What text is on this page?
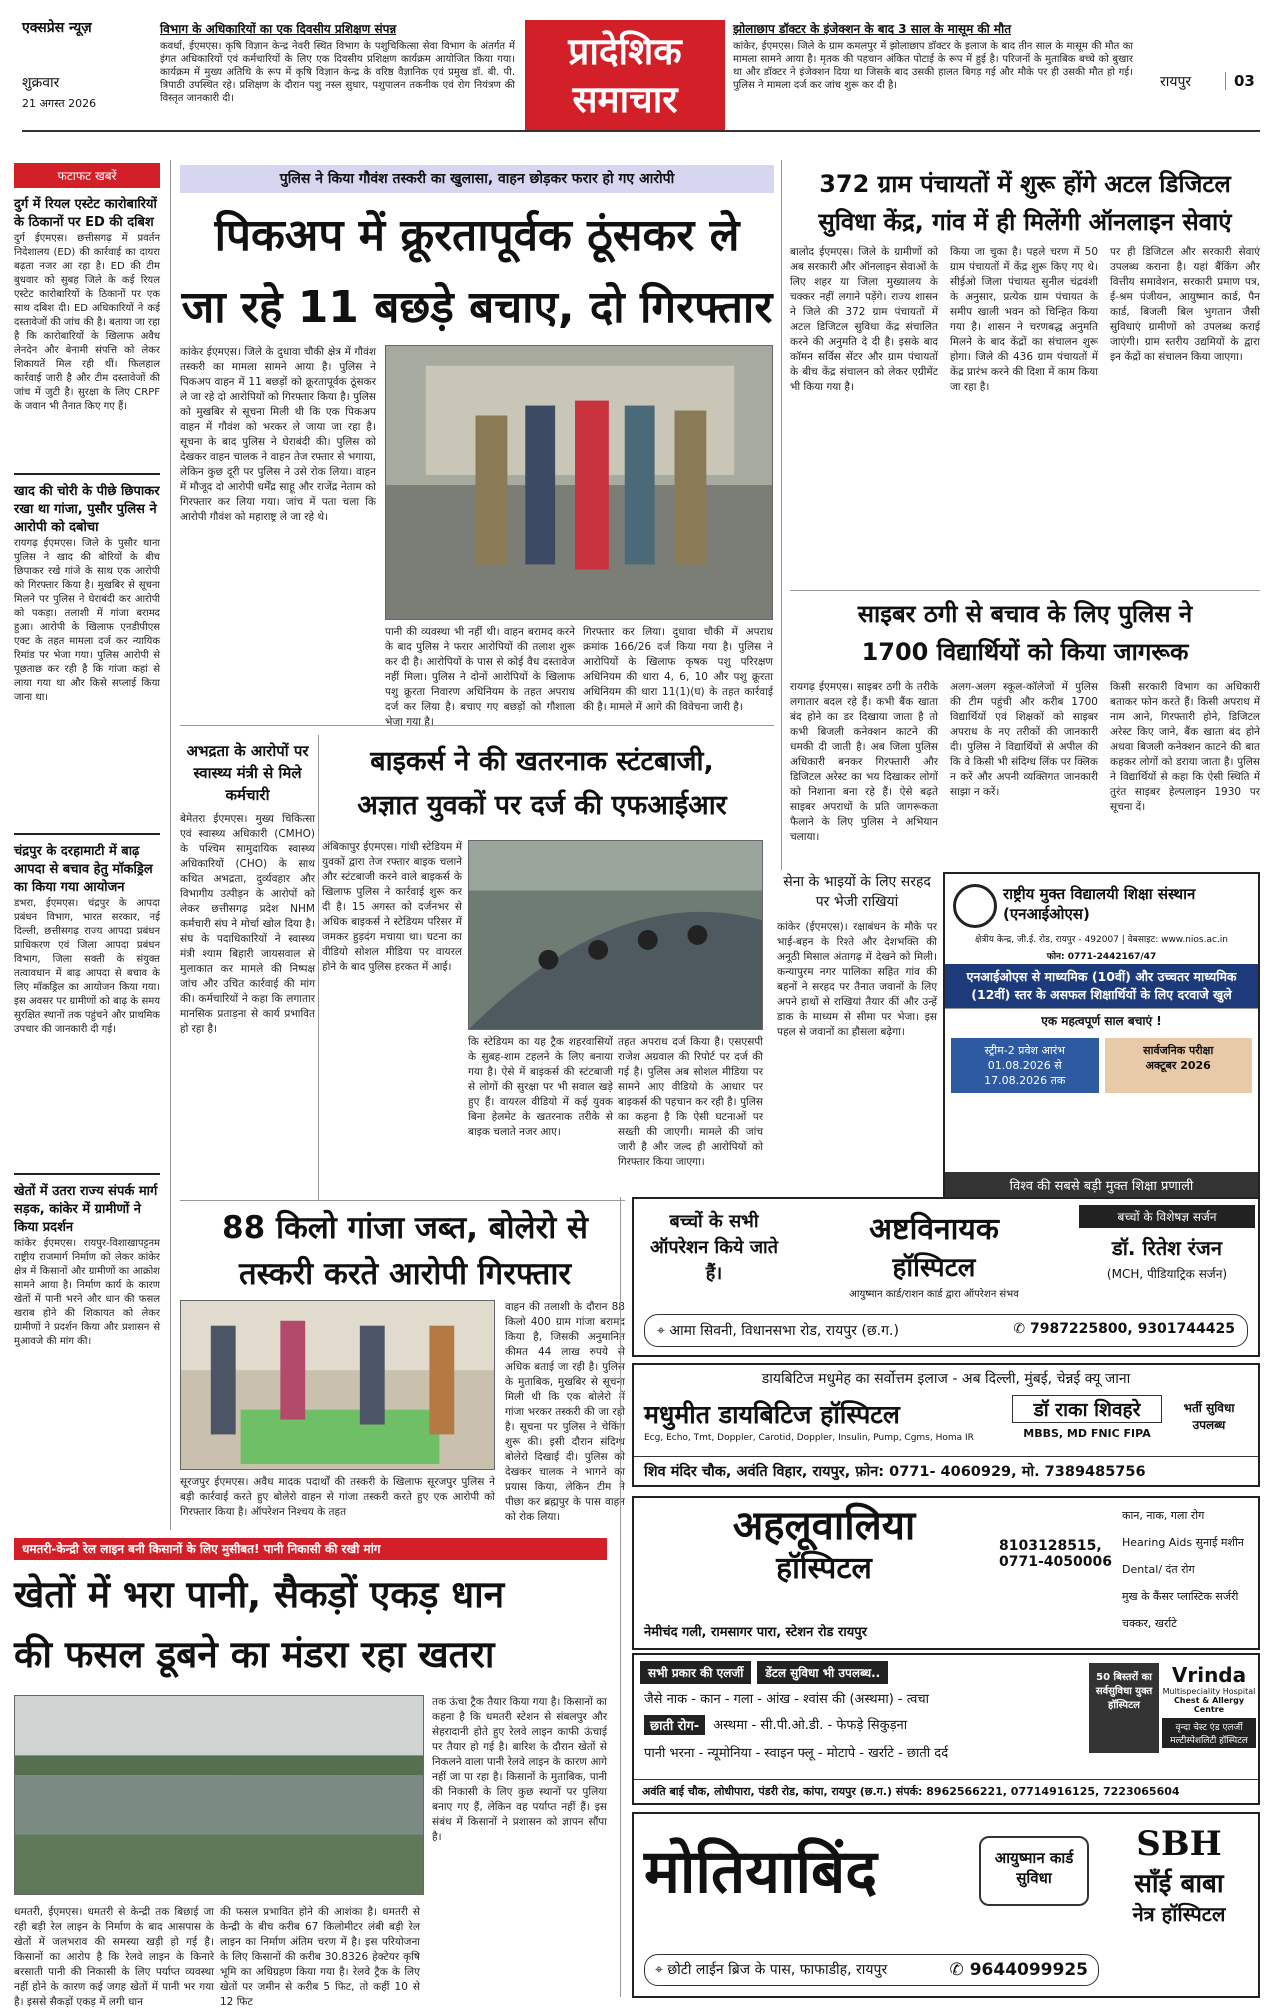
एक्सप्रेस न्यूज़
शुक्रवार
21 अगस्त 2026
विभाग के अधिकारियों का एक दिवसीय प्रशिक्षण संपन्न
कवर्धा, ईएमएस। कृषि विज्ञान केन्द्र नेवरी स्थित विभाग के पशुचिकित्सा सेवा विभाग के अंतर्गत में इंगत अधिकारियों एवं कर्मचारियों के लिए एक दिवसीय प्रशिक्षण कार्यक्रम आयोजित किया गया। कार्यक्रम में मुख्य अतिथि के रूप में कृषि विज्ञान केन्द्र के वरिष्ठ वैज्ञानिक एवं प्रमुख डॉ. बी. पी. त्रिपाठी उपस्थित रहे। प्रशिक्षण के दौरान पशु नस्ल सुधार, पशुपालन तकनीक एवं रोग नियंत्रण की विस्तृत जानकारी दी।
प्रादेशिक
समाचार
झोलाछाप डॉक्टर के इंजेक्शन के बाद 3 साल के मासूम की मौत
कांकेर, ईएमएस। जिले के ग्राम कमलपुर में झोलाछाप डॉक्टर के इलाज के बाद तीन साल के मासूम की मौत का मामला सामने आया है। मृतक की पहचान अंकित पोटाई के रूप में हुई है। परिजनों के मुताबिक बच्चे को बुखार था और डॉक्टर ने इंजेक्शन दिया था जिसके बाद उसकी हालत बिगड़ गई और मौके पर ही उसकी मौत हो गई। पुलिस ने मामला दर्ज कर जांच शुरू कर दी है।	रायपुर	03
फटाफट खबरें
दुर्ग में रियल एस्टेट कारोबारियों के ठिकानों पर ED की दबिश
दुर्ग ईएमएस। छत्तीसगढ़ में प्रवर्तन निदेशालय (ED) की कार्रवाई का दायरा बढ़ता नजर आ रहा है। ED की टीम बुधवार को सुबह जिले के कई रियल एस्टेट कारोबारियों के ठिकानों पर एक साथ दबिश दी। ED अधिकारियों ने कई दस्तावेजों की जांच की है। बताया जा रहा है कि कारोबारियों के खिलाफ अवैध लेनदेन और बेनामी संपत्ति को लेकर शिकायतें मिल रही थीं। फिलहाल कार्रवाई जारी है और टीम दस्तावेजों की जांच में जुटी है। सुरक्षा के लिए CRPF के जवान भी तैनात किए गए हैं।
खाद की चोरी के पीछे छिपाकर रखा था गांजा, पुसौर पुलिस ने आरोपी को दबोचा
रायगढ़ ईएमएस। जिले के पुसौर थाना पुलिस ने खाद की बोरियों के बीच छिपाकर रखे गांजे के साथ एक आरोपी को गिरफ्तार किया है। मुखबिर से सूचना मिलने पर पुलिस ने घेराबंदी कर आरोपी को पकड़ा। तलाशी में गांजा बरामद हुआ। आरोपी के खिलाफ एनडीपीएस एक्ट के तहत मामला दर्ज कर न्यायिक रिमांड पर भेजा गया। पुलिस आरोपी से पूछताछ कर रही है कि गांजा कहां से लाया गया था और किसे सप्लाई किया जाना था।
चंद्रपुर के दरहामाटी में बाढ़ आपदा से बचाव हेतु मॉकड्रिल का किया गया आयोजन
डभरा, ईएमएस। चंद्रपुर के आपदा प्रबंधन विभाग, भारत सरकार, नई दिल्ली, छत्तीसगढ़ राज्य आपदा प्रबंधन प्राधिकरण एवं जिला आपदा प्रबंधन विभाग, जिला सक्ती के संयुक्त तत्वावधान में बाढ़ आपदा से बचाव के लिए मॉकड्रिल का आयोजन किया गया। इस अवसर पर ग्रामीणों को बाढ़ के समय सुरक्षित स्थानों तक पहुंचने और प्राथमिक उपचार की जानकारी दी गई।
खेतों में उतरा राज्य संपर्क मार्ग सड़क, कांकेर में ग्रामीणों ने किया प्रदर्शन
कांकेर ईएमएस। रायपुर-विशाखापट्टनम राष्ट्रीय राजमार्ग निर्माण को लेकर कांकेर क्षेत्र में किसानों और ग्रामीणों का आक्रोश सामने आया है। निर्माण कार्य के कारण खेतों में पानी भरने और धान की फसल खराब होने की शिकायत को लेकर ग्रामीणों ने प्रदर्शन किया और प्रशासन से मुआवजे की मांग की।
पुलिस ने किया गौवंश तस्करी का खुलासा, वाहन छोड़कर फरार हो गए आरोपी
पिकअप में क्रूरतापूर्वक ठूंसकर ले
जा रहे 11 बछड़े बचाए, दो गिरफ्तार
कांकेर ईएमएस। जिले के दुधावा चौकी क्षेत्र में गौवंश तस्करी का मामला सामने आया है। पुलिस ने पिकअप वाहन में 11 बछड़ों को क्रूरतापूर्वक ठूंसकर ले जा रहे दो आरोपियों को गिरफ्तार किया है। पुलिस को मुखबिर से सूचना मिली थी कि एक पिकअप वाहन में गौवंश को भरकर ले जाया जा रहा है। सूचना के बाद पुलिस ने घेराबंदी की। पुलिस को देखकर वाहन चालक ने वाहन तेज रफ्तार से भगाया, लेकिन कुछ दूरी पर पुलिस ने उसे रोक लिया। वाहन में मौजूद दो आरोपी धर्मेंद्र साहू और राजेंद्र नेताम को गिरफ्तार कर लिया गया। जांच में पता चला कि आरोपी गौवंश को महाराष्ट्र ले जा रहे थे।
पानी की व्यवस्था भी नहीं थी। वाहन बरामद करने के बाद पुलिस ने फरार आरोपियों की तलाश शुरू कर दी है। आरोपियों के पास से कोई वैध दस्तावेज नहीं मिला। पुलिस ने दोनों आरोपियों के खिलाफ पशु क्रूरता निवारण अधिनियम के तहत अपराध दर्ज कर लिया है। बचाए गए बछड़ों को गौशाला भेजा गया है।
गिरफ्तार कर लिया। दुधावा चौकी में अपराध क्रमांक 166/26 दर्ज किया गया है। पुलिस ने आरोपियों के खिलाफ कृषक पशु परिरक्षण अधिनियम की धारा 4, 6, 10 और पशु क्रूरता अधिनियम की धारा 11(1)(घ) के तहत कार्रवाई की है। मामले में आगे की विवेचना जारी है।
अभद्रता के आरोपों पर स्वास्थ्य मंत्री से मिले कर्मचारी
बेमेतरा ईएमएस। मुख्य चिकित्सा एवं स्वास्थ्य अधिकारी (CMHO) के पश्चिम सामुदायिक स्वास्थ्य अधिकारियों (CHO) के साथ कथित अभद्रता, दुर्व्यवहार और विभागीय उत्पीड़न के आरोपों को लेकर छत्तीसगढ़ प्रदेश NHM कर्मचारी संघ ने मोर्चा खोल दिया है। संघ के पदाधिकारियों ने स्वास्थ्य मंत्री श्याम बिहारी जायसवाल से मुलाकात कर मामले की निष्पक्ष जांच और उचित कार्रवाई की मांग की। कर्मचारियों ने कहा कि लगातार मानसिक प्रताड़ना से कार्य प्रभावित हो रहा है।
बाइकर्स ने की खतरनाक स्टंटबाजी,
अज्ञात युवकों पर दर्ज की एफआईआर
अंबिकापुर ईएमएस। गांधी स्टेडियम में युवकों द्वारा तेज रफ्तार बाइक चलाने और स्टंटबाजी करने वाले बाइकर्स के खिलाफ पुलिस ने कार्रवाई शुरू कर दी है। 15 अगस्त को दर्जनभर से अधिक बाइकर्स ने स्टेडियम परिसर में जमकर हुड़दंग मचाया था। घटना का वीडियो सोशल मीडिया पर वायरल होने के बाद पुलिस हरकत में आई।
कि स्टेडियम का यह ट्रैक शहरवासियों के सुबह-शाम टहलने के लिए बनाया गया है। ऐसे में बाइकर्स की स्टंटबाजी से लोगों की सुरक्षा पर भी सवाल खड़े हुए हैं। वायरल वीडियो में कई युवक बिना हेलमेट के खतरनाक तरीके से बाइक चलाते नजर आए।
तहत अपराध दर्ज किया है। एसएसपी राजेश अग्रवाल की रिपोर्ट पर दर्ज की गई है। पुलिस अब सोशल मीडिया पर सामने आए वीडियो के आधार पर बाइकर्स की पहचान कर रही है। पुलिस का कहना है कि ऐसी घटनाओं पर सख्ती की जाएगी। मामले की जांच जारी है और जल्द ही आरोपियों को गिरफ्तार किया जाएगा।
88 किलो गांजा जब्त, बोलेरो से
तस्करी करते आरोपी गिरफ्तार
सूरजपुर ईएमएस। अवैध मादक पदार्थों की तस्करी के खिलाफ सूरजपुर पुलिस ने बड़ी कार्रवाई करते हुए बोलेरो वाहन से गांजा तस्करी करते हुए एक आरोपी को गिरफ्तार किया है। ऑपरेशन निश्चय के तहत
वाहन की तलाशी के दौरान 88 किलो 400 ग्राम गांजा बरामद किया है, जिसकी अनुमानित कीमत 44 लाख रुपये से अधिक बताई जा रही है। पुलिस के मुताबिक, मुखबिर से सूचना मिली थी कि एक बोलेरो में गांजा भरकर तस्करी की जा रही है। सूचना पर पुलिस ने चेकिंग शुरू की। इसी दौरान संदिग्ध बोलेरो दिखाई दी। पुलिस को देखकर चालक ने भागने का प्रयास किया, लेकिन टीम ने पीछा कर ब्रह्मपुर के पास वाहन को रोक लिया।
धमतरी-केन्द्री रेल लाइन बनी किसानों के लिए मुसीबत! पानी निकासी की रखी मांग
खेतों में भरा पानी, सैकड़ों एकड़ धान
की फसल डूबने का मंडरा रहा खतरा
धमतरी, ईएमएस। धमतरी से केन्द्री तक बिछाई जा रही बड़ी रेल लाइन के निर्माण के बाद आसपास के खेतों में जलभराव की समस्या खड़ी हो गई है। किसानों का आरोप है कि रेलवे लाइन के किनारे बरसाती पानी की निकासी के लिए पर्याप्त व्यवस्था नहीं होने के कारण कई जगह खेतों में पानी भर गया है। इससे सैकड़ों एकड़ में लगी धान
की फसल प्रभावित होने की आशंका है। धमतरी से केन्द्री के बीच करीब 67 किलोमीटर लंबी बड़ी रेल लाइन का निर्माण अंतिम चरण में है। इस परियोजना के लिए किसानों की करीब 30.8326 हेक्टेयर कृषि भूमि का अधिग्रहण किया गया है। रेलवे ट्रैक के लिए खेतों पर जमीन से करीब 5 फिट, तो कहीं 10 से 12 फिट
तक ऊंचा ट्रैक तैयार किया गया है। किसानों का कहना है कि धमतरी स्टेशन से संबलपुर और सेहरादानी होते हुए रेलवे लाइन काफी ऊंचाई पर तैयार हो गई है। बारिश के दौरान खेतों से निकलने वाला पानी रेलवे लाइन के कारण आगे नहीं जा पा रहा है। किसानों के मुताबिक, पानी की निकासी के लिए कुछ स्थानों पर पुलिया बनाए गए हैं, लेकिन वह पर्याप्त नहीं हैं। इस संबंध में किसानों ने प्रशासन को ज्ञापन सौंपा है।
372 ग्राम पंचायतों में शुरू होंगे अटल डिजिटल
सुविधा केंद्र, गांव में ही मिलेंगी ऑनलाइन सेवाएं
बालोद ईएमएस। जिले के ग्रामीणों को अब सरकारी और ऑनलाइन सेवाओं के लिए शहर या जिला मुख्यालय के चक्कर नहीं लगाने पड़ेंगे। राज्य शासन ने जिले की 372 ग्राम पंचायतों में अटल डिजिटल सुविधा केंद्र संचालित करने की अनुमति दे दी है। इसके बाद कॉमन सर्विस सेंटर और ग्राम पंचायतों के बीच केंद्र संचालन को लेकर एग्रीमेंट भी किया गया है।
किया जा चुका है। पहले चरण में 50 ग्राम पंचायतों में केंद्र शुरू किए गए थे। सीईओ जिला पंचायत सुनील चंद्रवंशी के अनुसार, प्रत्येक ग्राम पंचायत के समीप खाली भवन को चिन्हित किया गया है। शासन ने चरणबद्ध अनुमति मिलने के बाद केंद्रों का संचालन शुरू होगा। जिले की 436 ग्राम पंचायतों में केंद्र प्रारंभ करने की दिशा में काम किया जा रहा है।
पर ही डिजिटल और सरकारी सेवाएं उपलब्ध कराना है। यहां बैंकिंग और वित्तीय समावेशन, सरकारी प्रमाण पत्र, ई-श्रम पंजीयन, आयुष्मान कार्ड, पैन कार्ड, बिजली बिल भुगतान जैसी सुविधाएं ग्रामीणों को उपलब्ध कराई जाएंगी। ग्राम स्तरीय उद्यमियों के द्वारा इन केंद्रों का संचालन किया जाएगा।
साइबर ठगी से बचाव के लिए पुलिस ने
1700 विद्यार्थियों को किया जागरूक
रायगढ़ ईएमएस। साइबर ठगी के तरीके लगातार बदल रहे हैं। कभी बैंक खाता बंद होने का डर दिखाया जाता है तो कभी बिजली कनेक्शन काटने की धमकी दी जाती है। अब जिला पुलिस अधिकारी बनकर गिरफ्तारी और डिजिटल अरेस्ट का भय दिखाकर लोगों को निशाना बना रहे हैं। ऐसे बढ़ते साइबर अपराधों के प्रति जागरूकता फैलाने के लिए पुलिस ने अभियान चलाया।
अलग-अलग स्कूल-कॉलेजों में पुलिस की टीम पहुंची और करीब 1700 विद्यार्थियों एवं शिक्षकों को साइबर अपराध के नए तरीकों की जानकारी दी। पुलिस ने विद्यार्थियों से अपील की कि वे किसी भी संदिग्ध लिंक पर क्लिक न करें और अपनी व्यक्तिगत जानकारी साझा न करें।
किसी सरकारी विभाग का अधिकारी बताकर फोन करते हैं। किसी अपराध में नाम आने, गिरफ्तारी होने, डिजिटल अरेस्ट किए जाने, बैंक खाता बंद होने अथवा बिजली कनेक्शन काटने की बात कहकर लोगों को डराया जाता है। पुलिस ने विद्यार्थियों से कहा कि ऐसी स्थिति में तुरंत साइबर हेल्पलाइन 1930 पर सूचना दें।
सेना के भाइयों के लिए सरहद पर भेजी राखियां
कांकेर (ईएमएस)। रक्षाबंधन के मौके पर भाई-बहन के रिश्ते और देशभक्ति की अनूठी मिसाल अंतागढ़ में देखने को मिली। कन्यापुरम नगर पालिका सहित गांव की बहनों ने सरहद पर तैनात जवानों के लिए अपने हाथों से राखियां तैयार कीं और उन्हें डाक के माध्यम से सीमा पर भेजा। इस पहल से जवानों का हौसला बढ़ेगा।
राष्ट्रीय मुक्त विद्यालयी शिक्षा संस्थान
(एनआईओएस)
क्षेत्रीय केन्द्र, जी.ई. रोड, रायपुर - 492007 | वेबसाइट: www.nios.ac.in
फोन: 0771-2442167/47
एनआईओएस से माध्यमिक (10वीं) और उच्चतर माध्यमिक (12वीं) स्तर के असफल शिक्षार्थियों के लिए दरवाजे खुले
एक महत्वपूर्ण साल बचाएं !
स्ट्रीम-2 प्रवेश आरंभ
01.08.2026 से 17.08.2026 तक
सार्वजनिक परीक्षा
अक्टूबर 2026
विश्व की सबसे बड़ी मुक्त शिक्षा प्रणाली
बच्चों के सभी ऑपरेशन किये जाते हैं।
अष्टविनायक
हॉस्पिटल
आयुष्मान कार्ड/राशन कार्ड द्वारा ऑपरेशन संभव
बच्चों के विशेषज्ञ सर्जन
डॉ. रितेश रंजन
(MCH, पीडियाट्रिक सर्जन)
⌖ आमा सिवनी, विधानसभा रोड, रायपुर (छ.ग.)	✆ 7987225800, 9301744425
डायबिटिज मधुमेह का सर्वोत्तम इलाज - अब दिल्ली, मुंबई, चेन्नई क्यू जाना
मधुमीत डायबिटिज हॉस्पिटल
Ecg, Echo, Tmt, Doppler, Carotid, Doppler, Insulin, Pump, Cgms, Homa IR
डॉ राका शिवहरे
MBBS, MD FNIC FIPA
भर्ती सुविधा उपलब्ध
शिव मंदिर चौक, अवंति विहार, रायपुर, फ़ोन: 0771- 4060929, मो. 7389485756
अहलूवालिया
हॉस्पिटल
8103128515,
0771-4050006
नेमीचंद गली, रामसागर पारा, स्टेशन रोड रायपुर
कान, नाक, गला रोग
Hearing Aids सुनाई मशीन
Dental/ दंत रोग
मुख के कैंसर प्लास्टिक सर्जरी
चक्कर, खर्राटे
सभी प्रकार की एलर्जी	डेंटल सुविधा भी उपलब्ध..
जैसे नाक - कान - गला - आंख - श्वांस की (अस्थमा) - त्वचा
छाती रोग-	अस्थमा - सी.पी.ओ.डी. - फेफड़े सिकुड़ना
पानी भरना - न्यूमोनिया - स्वाइन फ्लू - मोटापे - खर्राटे - छाती दर्द
50 बिस्तरों का सर्वसुविधा युक्त हॉस्पिटल
Vrinda
Multispeciality Hospital
Chest & Allergy Centre
वृन्दा चेस्ट एंड एलर्जी मल्टीस्पेशलिटी हॉस्पिटल
अवंति बाई चौक, लोधीपारा, पंडरी रोड, कांपा, रायपुर (छ.ग.) संपर्क: 8962566221, 07714916125, 7223065604
मोतियाबिंद	आयुष्मान कार्ड सुविधा
SBH
साँई बाबा
नेत्र हॉस्पिटल
⌖ छोटी लाईन ब्रिज के पास, फाफाडीह, रायपुर	✆ 9644099925
